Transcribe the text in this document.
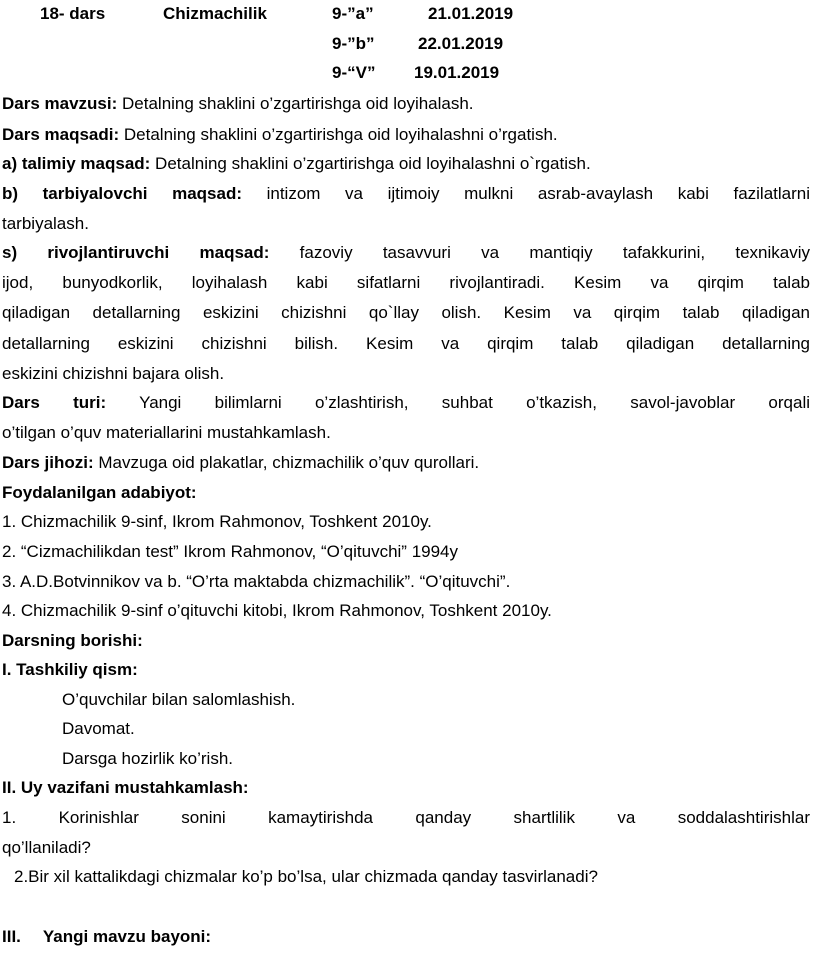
18- dars	Chizmachilik	9-”a”	21.01.2019
9-”b”	22.01.2019
9-“V” 19.01.2019
Dars mavzusi: Detalning shaklini o’zgartirishga oid loyihalash.
Dars maqsadi: Detalning shaklini o’zgartirishga oid loyihalashni o’rgatish.
a) talimiy maqsad: Detalning shaklini o’zgartirishga oid loyihalashni o`rgatish.
b) tarbiyalovchi maqsad: intizom va ijtimoiy mulkni asrab-avaylash kabi fazilatlarni
tarbiyalash.
s) rivojlantiruvchi maqsad: fazoviy tasavvuri va mantiqiy tafakkurini, texnikaviy
ijod, bunyodkorlik, loyihalash kabi sifatlarni rivojlantiradi. Kesim va qirqim talab
qiladigan detallarning eskizini chizishni qo`llay olish. Kesim va qirqim talab qiladigan
detallarning eskizini chizishni bilish. Kesim va qirqim talab qiladigan detallarning
eskizini chizishni bajara olish.
Dars turi: Yangi bilimlarni o’zlashtirish, suhbat o’tkazish, savol-javoblar orqali
o’tilgan o’quv materiallarini mustahkamlash.
Dars jihozi: Mavzuga oid plakatlar, chizmachilik o’quv qurollari.
Foydalanilgan adabiyot:
1. Chizmachilik 9-sinf, Ikrom Rahmonov, Toshkent 2010y.
2. “Cizmachilikdan test” Ikrom Rahmonov, “O’qituvchi” 1994y
3. A.D.Botvinnikov va b. “O’rta maktabda chizmachilik”. “O’qituvchi”.
4. Chizmachilik 9-sinf o’qituvchi kitobi, Ikrom Rahmonov, Toshkent 2010y.
Darsning borishi:
I. Tashkiliy qism:
O’quvchilar bilan salomlashish.
Davomat.
Darsga hozirlik ko’rish.
II. Uy vazifani mustahkamlash:
1. Korinishlar sonini kamaytirishda qanday shartlilik va soddalashtirishlar
qo’llaniladi?
2.Bir xil kattalikdagi chizmalar ko’p bo’lsa, ular chizmada qanday tasvirlanadi?
III. Yangi mavzu bayoni:
